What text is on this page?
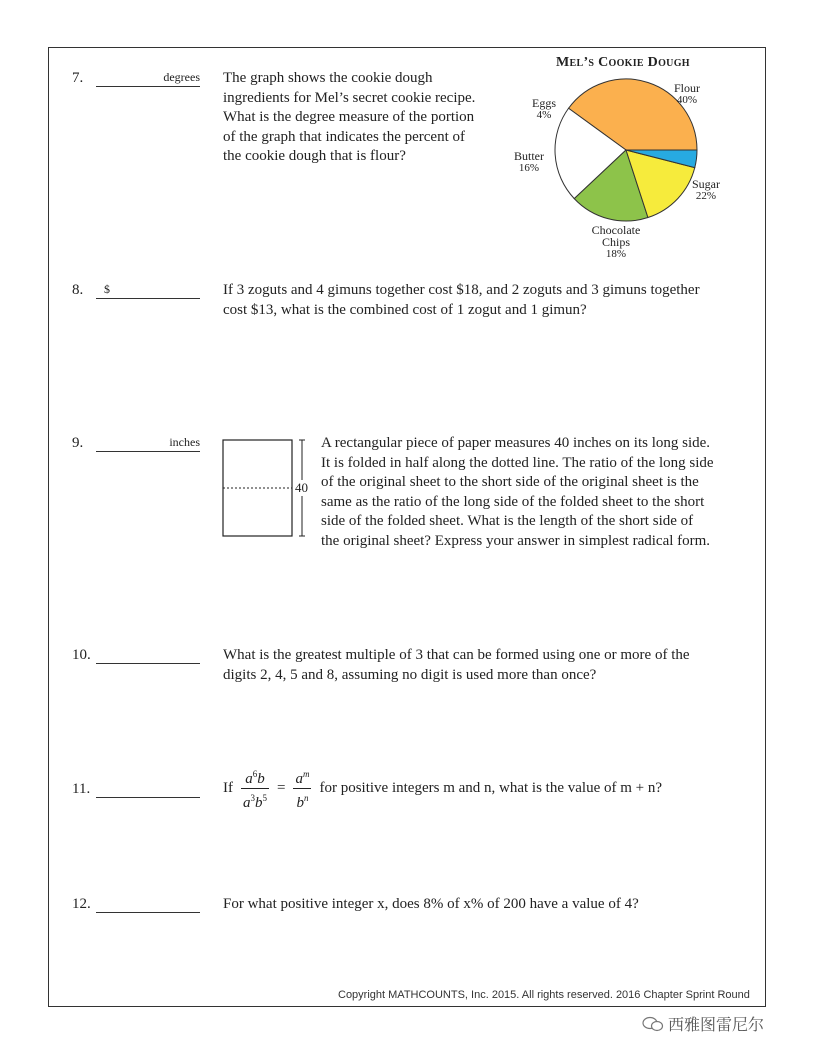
7.	degrees The graph shows the cookie dough
ingredients for Mel’s secret cookie recipe.
What is the degree measure of the portion
of the graph that indicates the percent of
the cookie dough that is flour?
Mel’s Cookie Dough
Flour
40%
Sugar
22%
Chocolate Chips
18%
Butter
16%
Eggs
4%
8. $	If 3 zoguts and 4 gimuns together cost $18, and 2 zoguts and 3 gimuns together
cost $13, what is the combined cost of 1 zogut and 1 gimun?
9.	inches
40
A rectangular piece of paper measures 40 inches on its long side.
It is folded in half along the dotted line. The ratio of the long side
of the original sheet to the short side of the original sheet is the
same as the ratio of the long side of the folded sheet to the short
side of the folded sheet. What is the length of the short side of
the original sheet? Express your answer in simplest radical form.
10.	What is the greatest multiple of 3 that can be formed using one or more of the
digits 2, 4, 5 and 8, assuming no digit is used more than once?
11.	If $\frac{a^6b}{a^3b^5} = \frac{a^m}{b^n}$ for positive integers m and n, what is the value of m + n?
12.	For what positive integer x, does 8% of x% of 200 have a value of 4?
Copyright MATHCOUNTS, Inc. 2015. All rights reserved. 2016 Chapter Sprint Round
西雅图雷尼尔
